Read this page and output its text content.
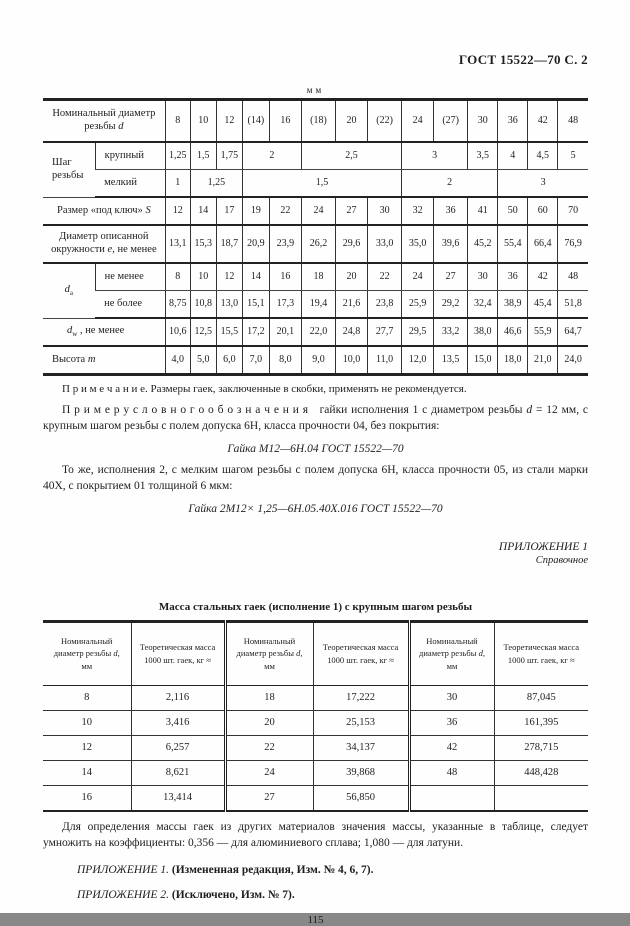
ГОСТ 15522—70 С. 2
мм
Номинальный диаметр резьбы d		8	10	12	(14)	16	(18)	20	(22)	24	(27)	30	36	42	48
Шаг резьбы	крупный	1,25	1,5	1,75	2		2,5			3		3,5	4	4,5	5
	мелкий	1	1,25		1,5					2			3		
Размер «под ключ» S		12	14	17	19	22	24	27	30	32	36	41	50	60	70
Диаметр описанной окружности е, не менее		13,1	15,3	18,7	20,9	23,9	26,2	29,6	33,0	35,0	39,6	45,2	55,4	66,4	76,9
$d_a$	не менее	8	10	12	14	16	18	20	22	24	27	30	36	42	48
	не более	8,75	10,8	13,0	15,1	17,3	19,4	21,6	23,8	25,9	29,2	32,4	38,9	45,4	51,8
$d_w$ , не менее		10,6	12,5	15,5	17,2	20,1	22,0	24,8	27,7	29,5	33,2	38,0	46,6	55,9	64,7
Высота m		4,0	5,0	6,0	7,0	8,0	9,0	10,0	11,0	12,0	13,5	15,0	18,0	21,0	24,0

П р и м е ч а н и е. Размеры гаек, заключенные в скобки, применять не рекомендуется.

П р и м е р у с л о в н о г о о б о з н а ч е н и я гайки исполнения 1 с диаметром резьбы d = 12 мм, с крупным шагом резьбы с полем допуска 6Н, класса прочности 04, без покрытия:

Гайка М12—6Н.04 ГОСТ 15522—70

То же, исполнения 2, с мелким шагом резьбы с полем допуска 6Н, класса прочности 05, из стали марки 40Х, с покрытием 01 толщиной 6 мкм:

Гайка 2М12× 1,25—6Н.05.40Х.016 ГОСТ 15522—70
ПРИЛОЖЕНИЕ 1
Справочное
Масса стальных гаек (исполнение 1) с крупным шагом резьбы
Номинальный диаметр резьбы d, мм	Теоретическая масса 1000 шт. гаек, кг ≈	Номинальный диаметр резьбы d, мм	Теоретическая масса 1000 шт. гаек, кг ≈	Номинальный диаметр резьбы d, мм	Теоретическая масса 1000 шт. гаек, кг ≈
8	2,116	18	17,222	30	87,045
10	3,416	20	25,153	36	161,395
12	6,257	22	34,137	42	278,715
14	8,621	24	39,868	48	448,428
16	13,414	27	56,850		

Для определения массы гаек из других материалов значения массы, указанные в таблице, следует умножить на коэффициенты: 0,356 — для алюминиевого сплава; 1,080 — для латуни.

ПРИЛОЖЕНИЕ 1. (Измененная редакция, Изм. № 4, 6, 7).

ПРИЛОЖЕНИЕ 2. (Исключено, Изм. № 7).

115
